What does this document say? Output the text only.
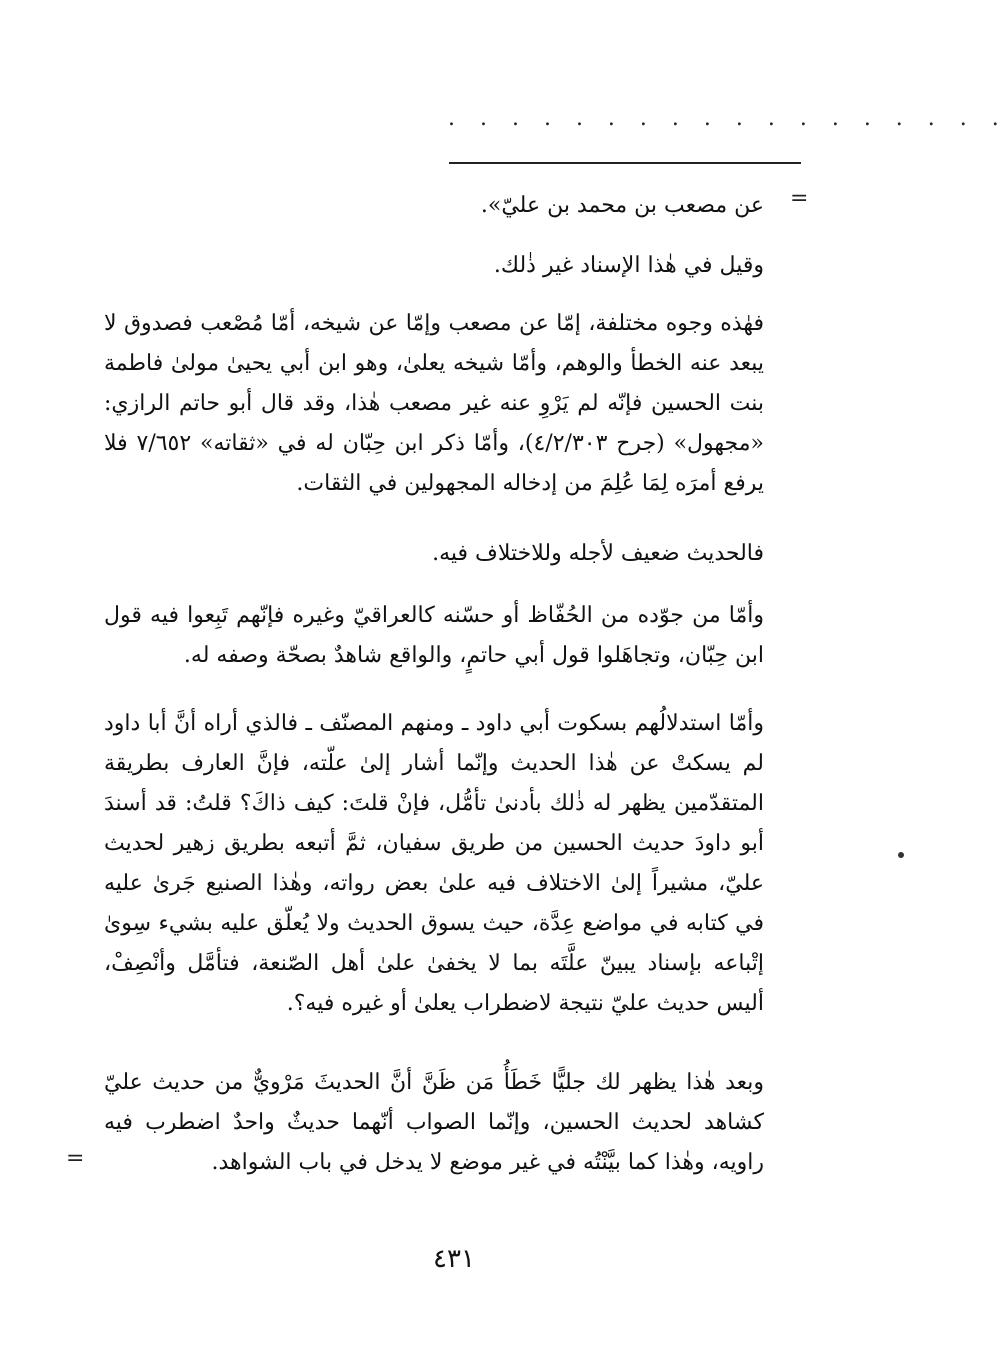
. . . . . . . . . . . . . . . . . .
=

عن مصعب بن محمد بن عليّ».

وقيل في هٰذا الإسناد غير ذٰلك.

فهٰذه وجوه مختلفة، إمّا عن مصعب وإمّا عن شيخه، أمّا مُصْعب فصدوق لا يبعد عنه الخطأ والوهم، وأمّا شيخه يعلىٰ، وهو ابن أبي يحيىٰ مولىٰ فاطمة بنت الحسين فإنّه لم يَرْوِ عنه غير مصعب هٰذا، وقد قال أبو حاتم الرازي: «مجهول» (جرح ٤/٢/٣٠٣)، وأمّا ذكر ابن حِبّان له في «ثقاته» ٧/٦٥٢ فلا يرفع أمرَه لِمَا عُلِمَ من إدخاله المجهولين في الثقات.

فالحديث ضعيف لأجله وللاختلاف فيه.

وأمّا من جوّده من الحُفّاظ أو حسّنه كالعراقيّ وغيره فإنّهم تَبِعوا فيه قول ابن حِبّان، وتجاهَلوا قول أبي حاتمٍ، والواقع شاهدٌ بصحّة وصفه له.

وأمّا استدلالُهم بسكوت أبي داود ـ ومنهم المصنّف ـ فالذي أراه أنَّ أبا داود لم يسكتْ عن هٰذا الحديث وإنّما أشار إلىٰ علّته، فإنَّ العارف بطريقة المتقدّمين يظهر له ذٰلك بأدنىٰ تأمُّل، فإنْ قلتَ: كيف ذاكَ؟ قلتُ: قد أسندَ أبو داودَ حديث الحسين من طريق سفيان، ثمَّ أتبعه بطريق زهير لحديث عليّ، مشيراً إلىٰ الاختلاف فيه علىٰ بعض رواته، وهٰذا الصنيع جَرىٰ عليه في كتابه في مواضع عِدَّة، حيث يسوق الحديث ولا يُعلّق عليه بشيء سِوىٰ إتْباعه بإسناد يبينّ علَّتَه بما لا يخفىٰ علىٰ أهل الصّنعة، فتأمَّل وأنْصِفْ، أليس حديث عليّ نتيجة لاضطراب يعلىٰ أو غيره فيه؟.

وبعد هٰذا يظهر لك جليًّا خَطَأُ مَن ظَنَّ أنَّ الحديثَ مَرْويٌّ من حديث عليّ كشاهد لحديث الحسين، وإنّما الصواب أنّهما حديثٌ واحدٌ اضطرب فيه راويه، وهٰذا كما بيَّنْتُه في غير موضع لا يدخل في باب الشواهد.

=
٤٣١
